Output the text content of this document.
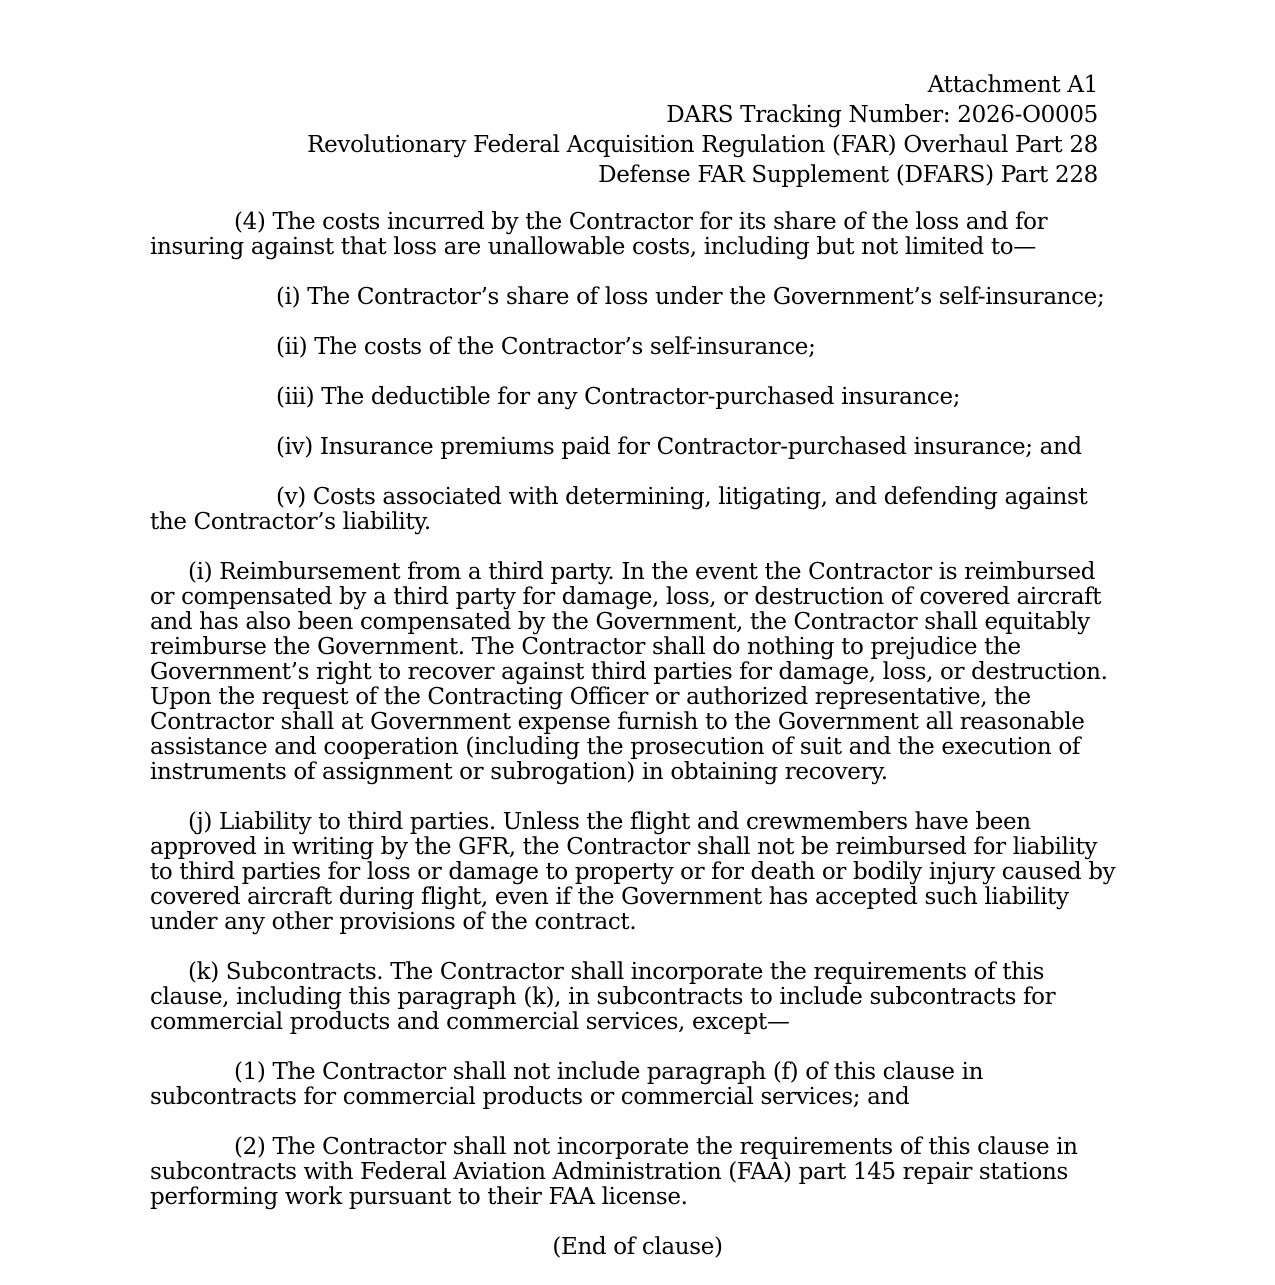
Attachment A1
DARS Tracking Number: 2026-O0005
Revolutionary Federal Acquisition Regulation (FAR) Overhaul Part 28
Defense FAR Supplement (DFARS) Part 228

(4) The costs incurred by the Contractor for its share of the loss and for insuring against that loss are unallowable costs, including but not limited to—

(i) The Contractor’s share of loss under the Government’s self-insurance;

(ii) The costs of the Contractor’s self-insurance;

(iii) The deductible for any Contractor-purchased insurance;

(iv) Insurance premiums paid for Contractor-purchased insurance; and

(v) Costs associated with determining, litigating, and defending against the Contractor’s liability.

(i) Reimbursement from a third party. In the event the Contractor is reimbursed or compensated by a third party for damage, loss, or destruction of covered aircraft and has also been compensated by the Government, the Contractor shall equitably reimburse the Government. The Contractor shall do nothing to prejudice the Government’s right to recover against third parties for damage, loss, or destruction. Upon the request of the Contracting Officer or authorized representative, the Contractor shall at Government expense furnish to the Government all reasonable assistance and cooperation (including the prosecution of suit and the execution of instruments of assignment or subrogation) in obtaining recovery.

(j) Liability to third parties. Unless the flight and crewmembers have been approved in writing by the GFR, the Contractor shall not be reimbursed for liability to third parties for loss or damage to property or for death or bodily injury caused by covered aircraft during flight, even if the Government has accepted such liability under any other provisions of the contract.

(k) Subcontracts. The Contractor shall incorporate the requirements of this clause, including this paragraph (k), in subcontracts to include subcontracts for commercial products and commercial services, except—

(1) The Contractor shall not include paragraph (f) of this clause in subcontracts for commercial products or commercial services; and

(2) The Contractor shall not incorporate the requirements of this clause in subcontracts with Federal Aviation Administration (FAA) part 145 repair stations performing work pursuant to their FAA license.

(End of clause)
